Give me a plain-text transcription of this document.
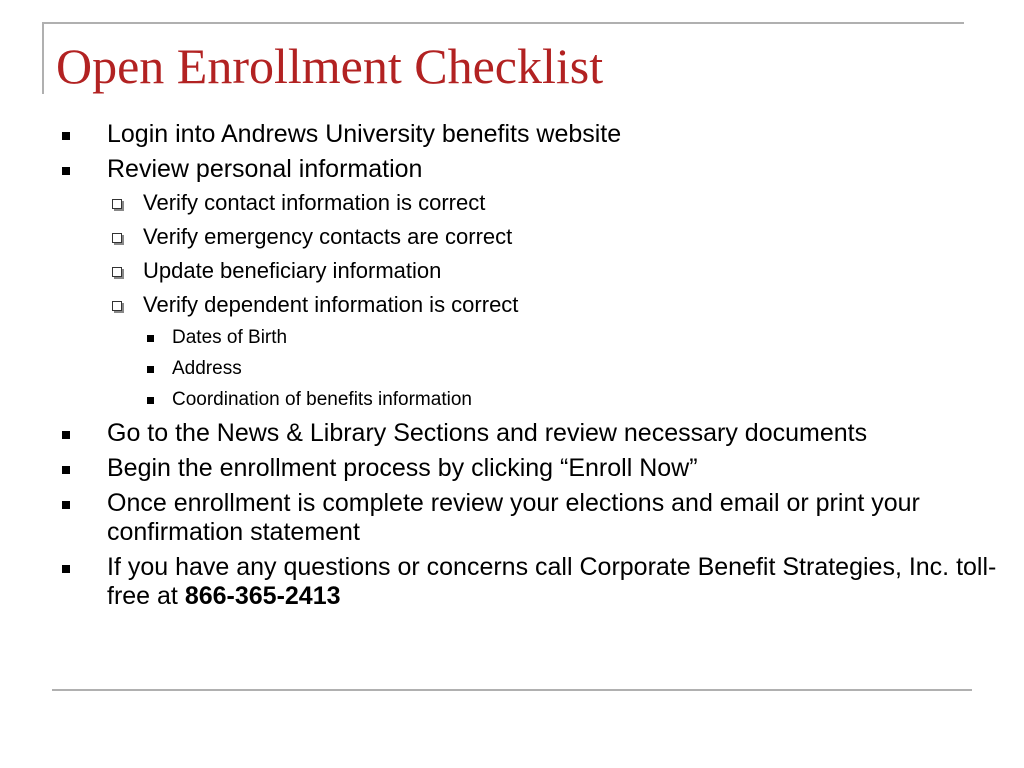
Open Enrollment Checklist
Login into Andrews University benefits website
Review personal information
Verify contact information is correct
Verify emergency contacts are correct
Update beneficiary information
Verify dependent information is correct
Dates of Birth
Address
Coordination of benefits information
Go to the News & Library Sections and review necessary documents
Begin the enrollment process by clicking “Enroll Now”
Once enrollment is complete review your elections and email or print your confirmation statement
If you have any questions or concerns call Corporate Benefit Strategies, Inc. toll-free at 866-365-2413
